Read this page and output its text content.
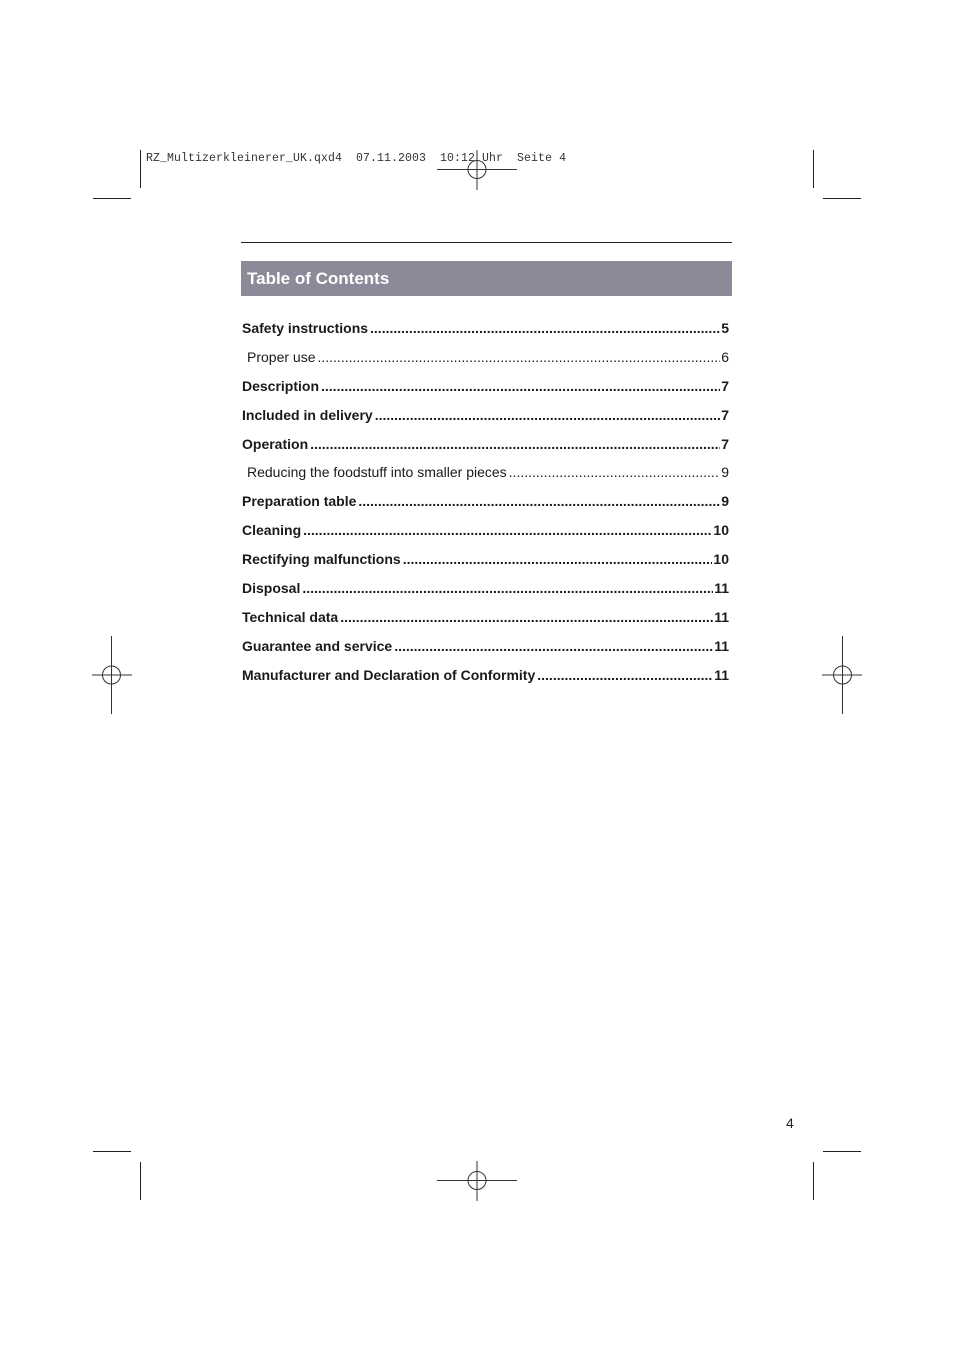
RZ_Multizerkleinerer_UK.qxd4  07.11.2003  10:12 Uhr  Seite 4
Table of Contents
Safety instructions .....	5
Proper use .....	6
Description .....	7
Included in delivery .....	7
Operation .....	7
Reducing the foodstuff into smaller pieces .....	9
Preparation table .....	9
Cleaning .....	10
Rectifying malfunctions .....	10
Disposal .....	11
Technical data .....	11
Guarantee and service .....	11
Manufacturer and Declaration of Conformity .....	11
4
